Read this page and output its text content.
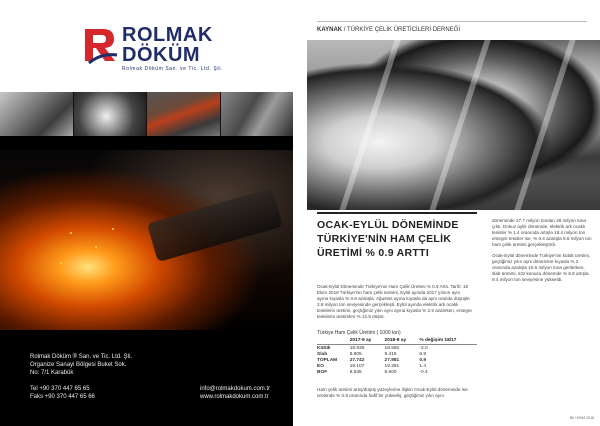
ROLMAK
DÖKÜM
Rolmak Döküm San. ve Tic. Ltd. Şti.
Rolmak Döküm ® San. ve Tic. Ltd. Şti.
Organize Sanayi Bölgesi Buket Sok.
No: 7/1 Karabük
Tel +90 370 447 65 65
Faks +90 370 447 65 66
info@rolmakdokum.com.tr
www.rolmakdokum.com.tr
KAYNAK / TÜRKİYE ÇELİK ÜRETİCİLERİ DERNEĞİ
OCAK-EYLÜL DÖNEMİNDE
TÜRKİYE'NİN HAM ÇELİK
ÜRETİMİ % 0.9 ARTTI
Ocak-Eylül Döneminde Türkiye'nin Ham Çelik Üretimi % 0.9 Arttı. Tarih: 18 Ekim 2018 Türkiye'nin ham çelik üretimi, Eylül ayında 2017 yılının aynı ayına kıyasla % 0.9 azalışla. Ağustos ayına kıyasla da aynı oranda düşüşle 2.8 milyon ton seviyesinde gerçekleşti. Eylül ayında elektrik ark ocaklı tesislerin üretimi, geçtiğimiz yılın aynı ayına kıyasla % 2.9 azalırken, entegre tesislerin üretimleri % 12.5 düştü.

döneminde 27.7 milyon tondan 28 milyon tona çıktı. Dokuz aylık dönemde, elektrik ark ocaklı tesisler % 1.4 oranında artışla 18.4 milyon ton entegre tesisler ise, % 0.4 azalışla 9.6 milyon ton ham çelik üretimi gerçekleştirdi.

Ocak-Eylül döneminde Türkiye'nin kütük üretimi, geçtiğimiz yılın aynı dönemine kıyasla % 2 oranında azalışla 18.6 milyon tona gerilerken, slab üretimi, söz konusu dönemde % 6.9 artışla 9.4 milyon ton seviyesine yükseldi.

Türkiye Ham Çelik Üretimi ( 1000 ton)
	2017-9 ay	2018-9 ay	% değişim 18/17
Kütük	18.936	18.560	-2.0
Slab	8.805	9.416	6.9
TOPLAM	27.742	27.981	0.9
EO	19.107	19.381	1.4
BOF	8.635	8.600	-0.4
Ham çelik üretimi artış/düşüş yüzeylerine ilişkin Ocak-Eylül döneminde ise üretimde % 0.9 oranında hafif bir yükseliş, geçtiğimiz yılın aynı
86 / EKİM 2018
